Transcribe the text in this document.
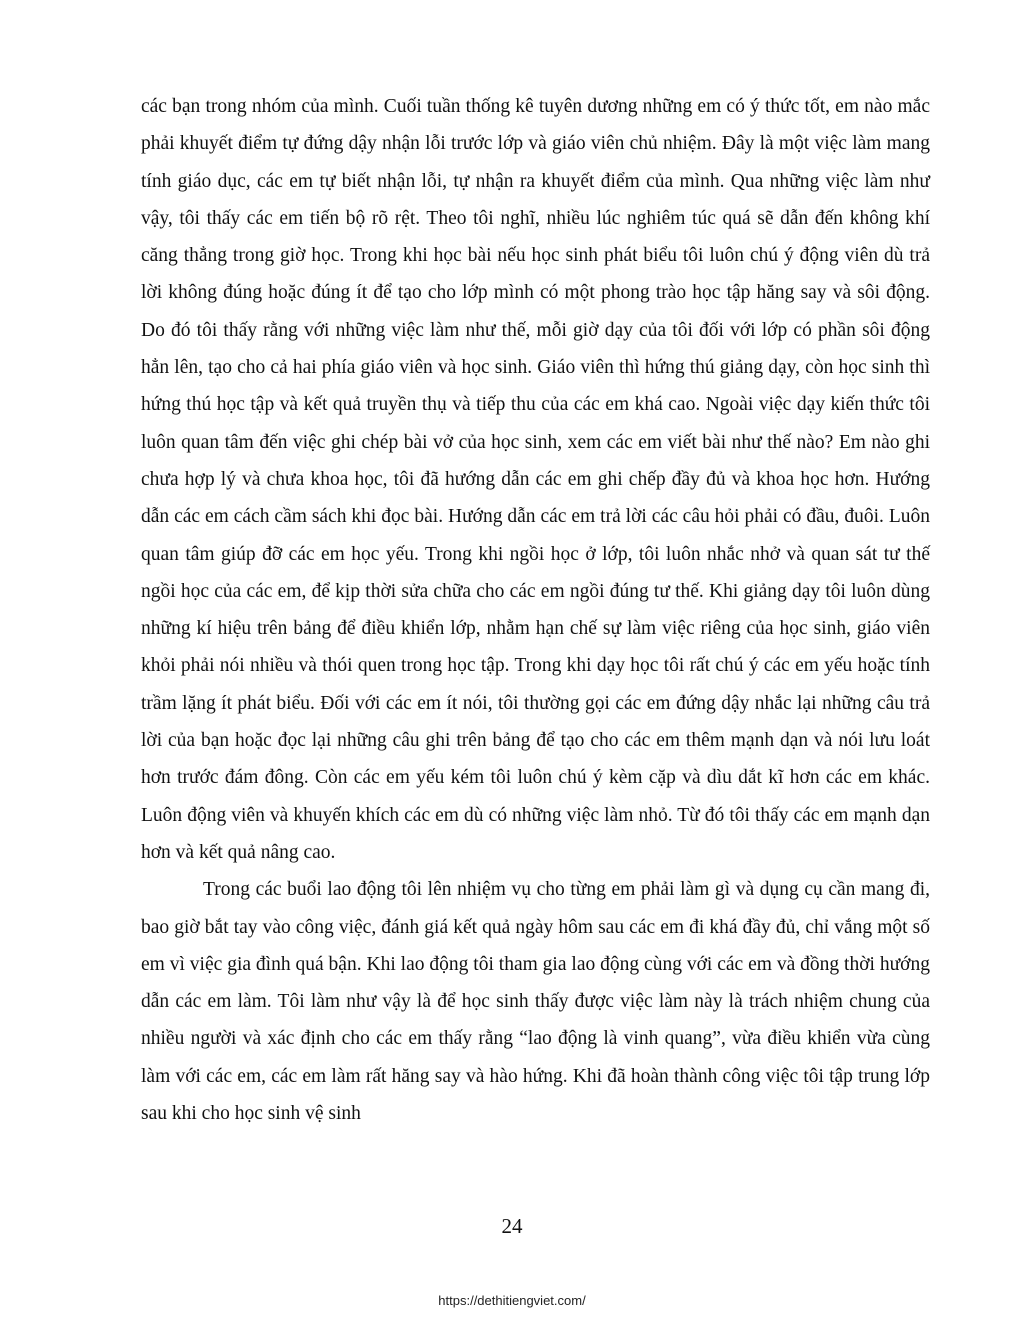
các bạn trong nhóm của mình. Cuối tuần thống kê tuyên dương những em có ý thức tốt, em nào mắc phải khuyết điểm tự đứng dậy nhận lỗi trước lớp và giáo viên chủ nhiệm. Đây là một việc làm mang tính giáo dục, các em tự biết nhận lỗi, tự nhận ra khuyết điểm của mình. Qua những việc làm như vậy, tôi thấy các em tiến bộ rõ rệt. Theo tôi nghĩ, nhiều lúc nghiêm túc quá sẽ dẫn đến không khí căng thẳng trong giờ học. Trong khi học bài nếu học sinh phát biểu tôi luôn chú ý động viên dù trả lời không đúng hoặc đúng ít để tạo cho lớp mình có một phong trào học tập hăng say và sôi động. Do đó tôi thấy rằng với những việc làm như thế, mỗi giờ dạy của tôi đối với lớp có phần sôi động hẳn lên, tạo cho cả hai phía giáo viên và học sinh. Giáo viên thì hứng thú giảng dạy, còn học sinh thì hứng thú học tập và kết quả truyền thụ và tiếp thu của các em khá cao. Ngoài việc dạy kiến thức tôi luôn quan tâm đến việc ghi chép bài vở của học sinh, xem các em viết bài như thế nào? Em nào ghi chưa hợp lý và chưa khoa học, tôi đã hướng dẫn các em ghi chếp đầy đủ và khoa học hơn. Hướng dẫn các em cách cầm sách khi đọc bài. Hướng dẫn các em trả lời các câu hỏi phải có đầu, đuôi. Luôn quan tâm giúp đỡ các em học yếu. Trong khi ngồi học ở lớp, tôi luôn nhắc nhở và quan sát tư thế ngồi học của các em, để kịp thời sửa chữa cho các em ngồi đúng tư thế. Khi giảng dạy tôi luôn dùng những kí hiệu trên bảng để điều khiển lớp, nhằm hạn chế sự làm việc riêng của học sinh, giáo viên khỏi phải nói nhiều và thói quen trong học tập. Trong khi dạy học tôi rất chú ý các em yếu hoặc tính trầm lặng ít phát biểu. Đối với các em ít nói, tôi thường gọi các em đứng dậy nhắc lại những câu trả lời của bạn hoặc đọc lại những câu ghi trên bảng để tạo cho các em thêm mạnh dạn và nói lưu loát hơn trước đám đông. Còn các em yếu kém tôi luôn chú ý kèm cặp và dìu dắt kĩ hơn các em khác. Luôn động viên và khuyến khích các em dù có những việc làm nhỏ. Từ đó tôi thấy các em mạnh dạn hơn và kết quả nâng cao.

Trong các buổi lao động tôi lên nhiệm vụ cho từng em phải làm gì và dụng cụ cần mang đi, bao giờ bắt tay vào công việc, đánh giá kết quả ngày hôm sau các em đi khá đầy đủ, chỉ vắng một số em vì việc gia đình quá bận. Khi lao động tôi tham gia lao động cùng với các em và đồng thời hướng dẫn các em làm. Tôi làm như vậy là để học sinh thấy được việc làm này là trách nhiệm chung của nhiều người và xác định cho các em thấy rằng “lao động là vinh quang”, vừa điều khiển vừa cùng làm với các em, các em làm rất hăng say và hào hứng. Khi đã hoàn thành công việc tôi tập trung lớp sau khi cho học sinh vệ sinh

24
https://dethitiengviet.com/
